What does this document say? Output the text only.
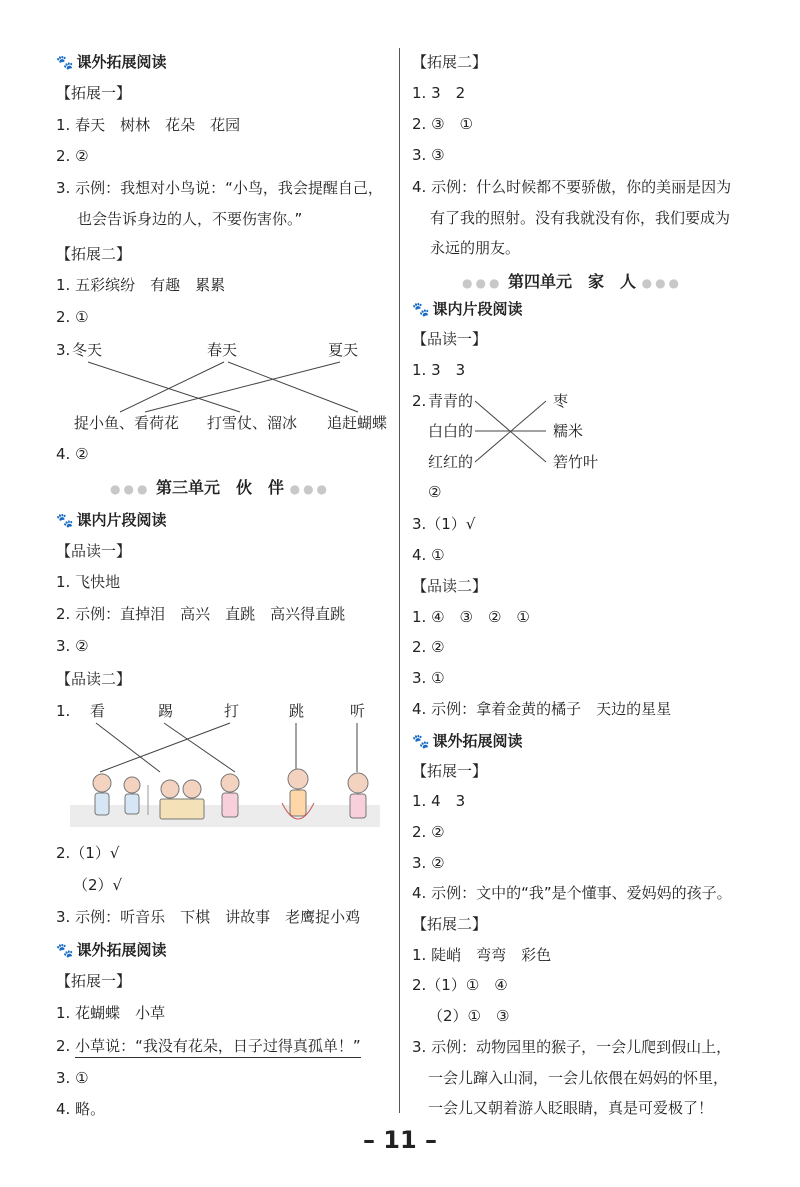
🐾 课外拓展阅读
【拓展一】
1. 春天　树林　花朵　花园
2. ②
3. 示例：我想对小鸟说：“小鸟，我会提醒自己，
也会告诉身边的人，不要伤害你。”
【拓展二】
1. 五彩缤纷　有趣　累累
2. ①
3. 冬天	春天	夏天
捉小鱼、看荷花 打雪仗、溜冰 追赶蝴蝶
4. ②
●●● 第三单元　伙　伴 ●●●
🐾 课内片段阅读
【品读一】
1. 飞快地
2. 示例：直掉泪　高兴　直跳　高兴得直跳
3. ②
【品读二】
1. 看	踢	打	跳	听
2.（1）√
（2）√
3. 示例：听音乐　下棋　讲故事　老鹰捉小鸡
🐾 课外拓展阅读
【拓展一】
1. 花蝴蝶　小草
2. 小草说：“我没有花朵，日子过得真孤单！”
3. ①
4. 略。
【拓展二】
1. 3　2
2. ③　①
3. ③
4. 示例：什么时候都不要骄傲，你的美丽是因为
有了我的照射。没有我就没有你，我们要成为
永远的朋友。
●●● 第四单元　家　人 ●●●
🐾 课内片段阅读
【品读一】
1. 3　3
2. 青青的
白白的
红红的
枣
糯米
箬竹叶
②
3.（1）√
4. ①
【品读二】
1. ④　③　②　①
2. ②
3. ①
4. 示例：拿着金黄的橘子　天边的星星
🐾 课外拓展阅读
【拓展一】
1. 4　3
2. ②
3. ②
4. 示例：文中的“我”是个懂事、爱妈妈的孩子。
【拓展二】
1. 陡峭　弯弯　彩色
2.（1）①　④
（2）①　③
3. 示例：动物园里的猴子，一会儿爬到假山上，
一会儿蹿入山洞，一会儿依偎在妈妈的怀里，
一会儿又朝着游人眨眼睛，真是可爱极了！
– 11 –
